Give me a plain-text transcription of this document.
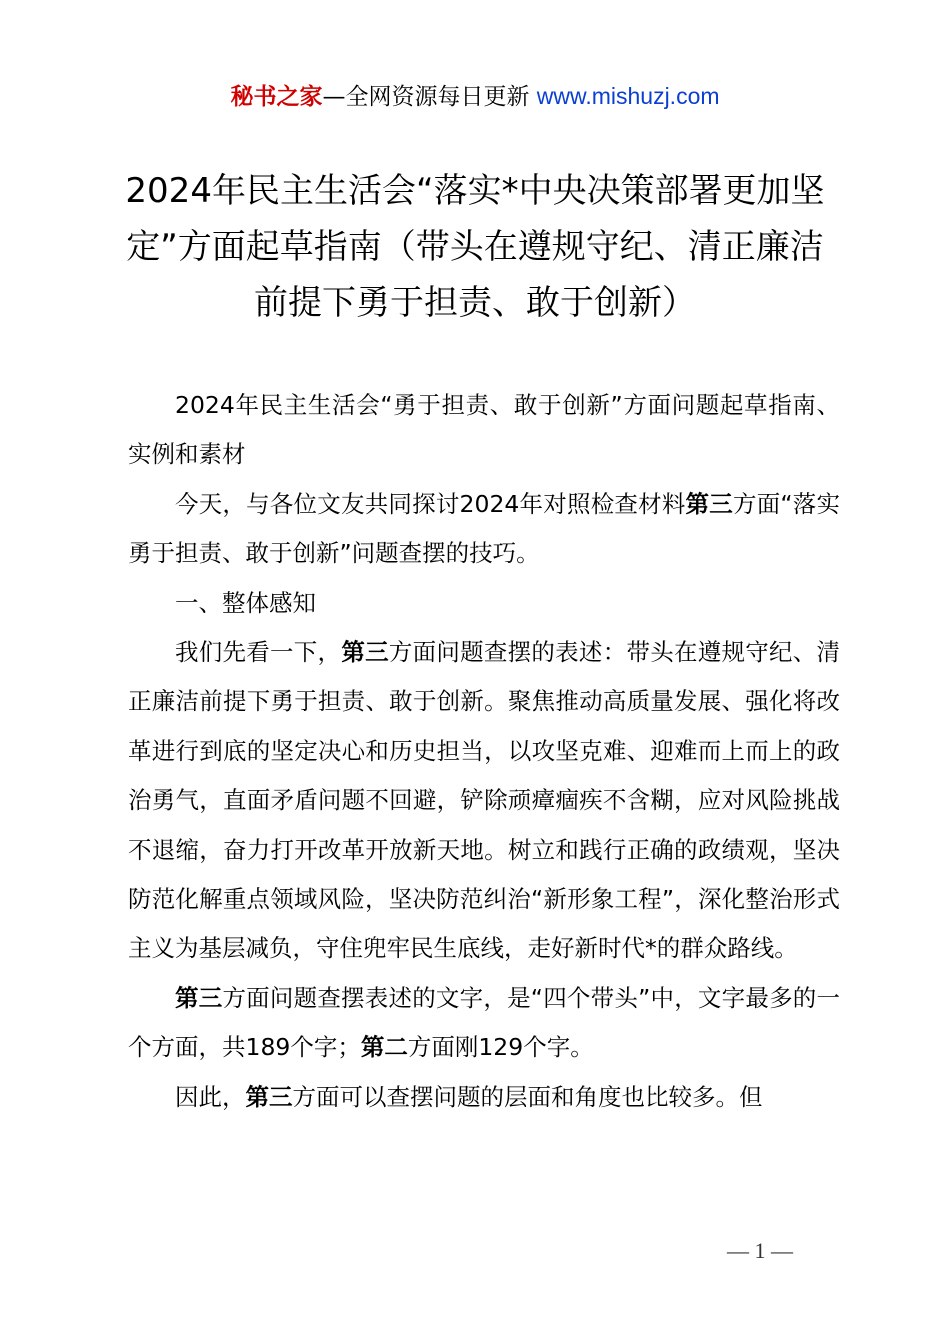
秘书之家—全网资源每日更新 www.mishuzj.com
2024年民主生活会“落实*中央决策部署更加坚定”方面起草指南（带头在遵规守纪、清正廉洁前提下勇于担责、敢于创新）

2024年民主生活会“勇于担责、敢于创新”方面问题起草指南、实例和素材

今天，与各位文友共同探讨2024年对照检查材料第三方面“落实勇于担责、敢于创新”问题查摆的技巧。

一、整体感知

我们先看一下，第三方面问题查摆的表述：带头在遵规守纪、清正廉洁前提下勇于担责、敢于创新。聚焦推动高质量发展、强化将改革进行到底的坚定决心和历史担当，以攻坚克难、迎难而上而上的政治勇气，直面矛盾问题不回避，铲除顽瘴痼疾不含糊，应对风险挑战不退缩，奋力打开改革开放新天地。树立和践行正确的政绩观，坚决防范化解重点领域风险，坚决防范纠治“新形象工程”，深化整治形式主义为基层减负，守住兜牢民生底线，走好新时代*的群众路线。

第三方面问题查摆表述的文字，是“四个带头”中，文字最多的一个方面，共189个字；第二方面刚129个字。

因此，第三方面可以查摆问题的层面和角度也比较多。但

— 1 —
